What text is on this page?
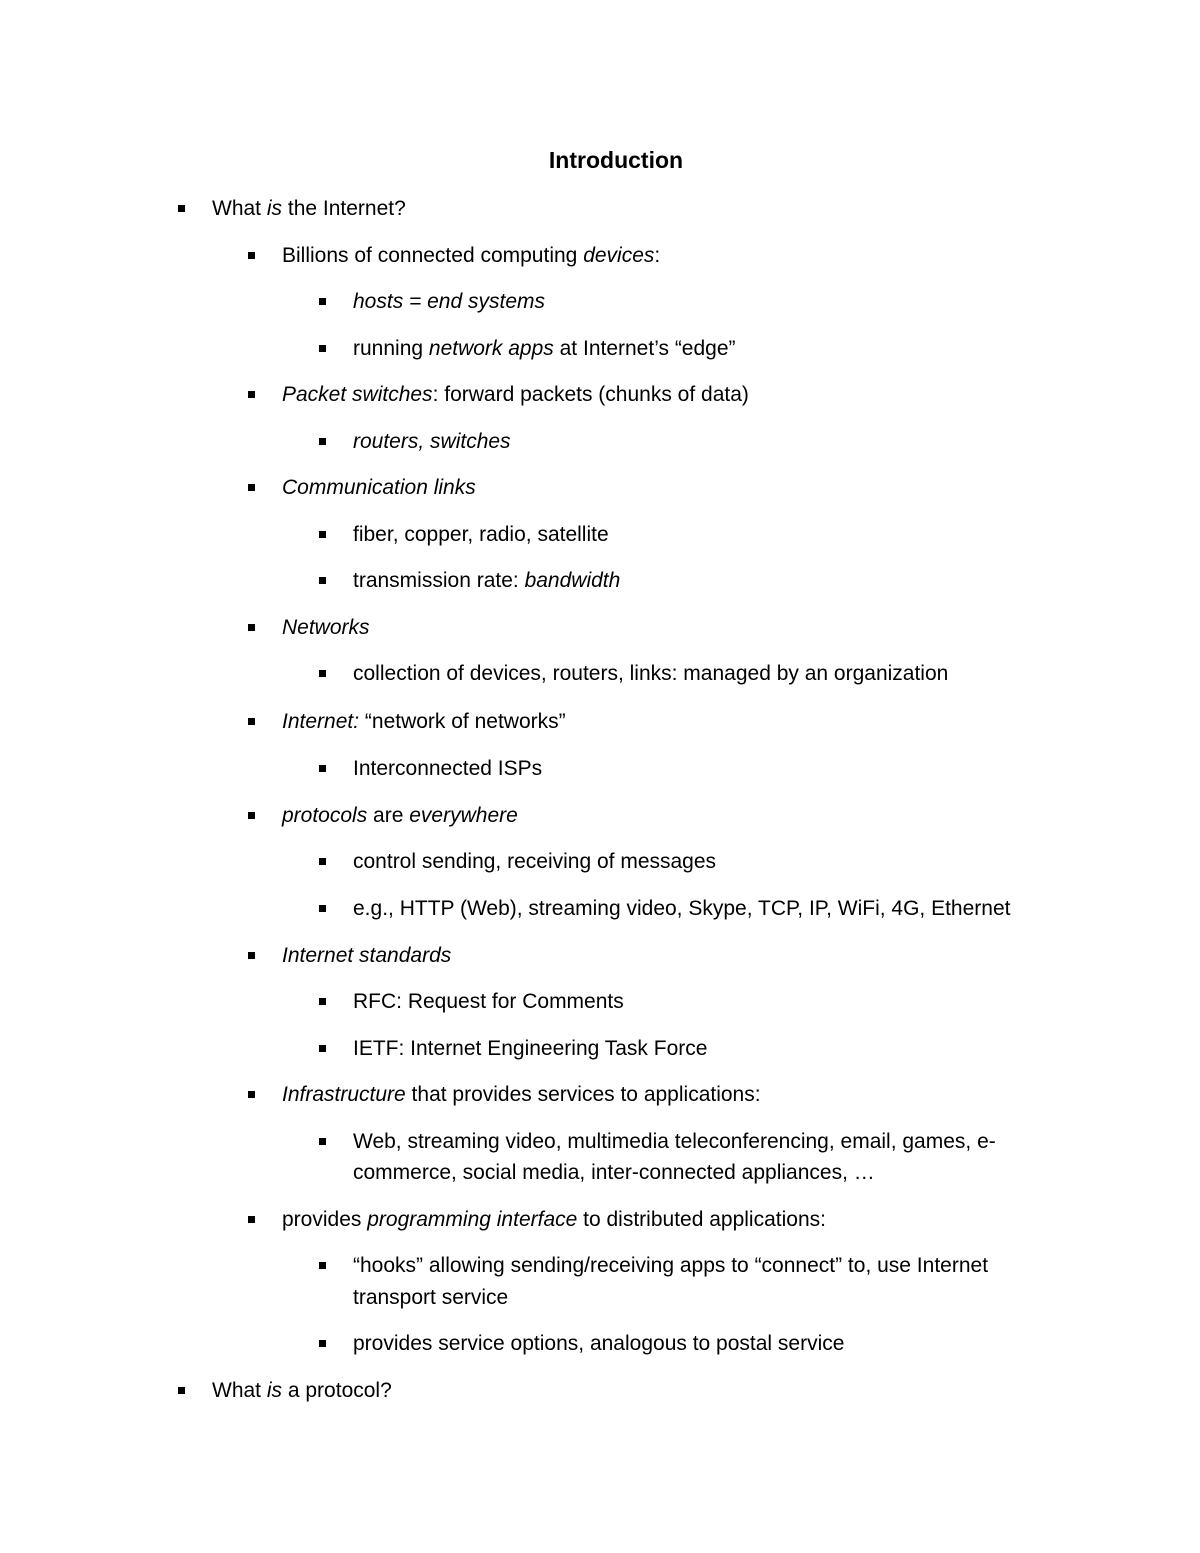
Introduction
What is the Internet?
Billions of connected computing devices:
hosts = end systems
running network apps at Internet’s “edge”
Packet switches: forward packets (chunks of data)
routers, switches
Communication links
fiber, copper, radio, satellite
transmission rate: bandwidth
Networks
collection of devices, routers, links: managed by an organization
Internet: “network of networks”
Interconnected ISPs
protocols are everywhere
control sending, receiving of messages
e.g., HTTP (Web), streaming video, Skype, TCP, IP, WiFi, 4G, Ethernet
Internet standards
RFC: Request for Comments
IETF: Internet Engineering Task Force
Infrastructure that provides services to applications:
Web, streaming video, multimedia teleconferencing, email, games, e-
commerce, social media, inter-connected appliances, …
provides programming interface to distributed applications:
“hooks” allowing sending/receiving apps to “connect” to, use Internet
transport service
provides service options, analogous to postal service
What is a protocol?
